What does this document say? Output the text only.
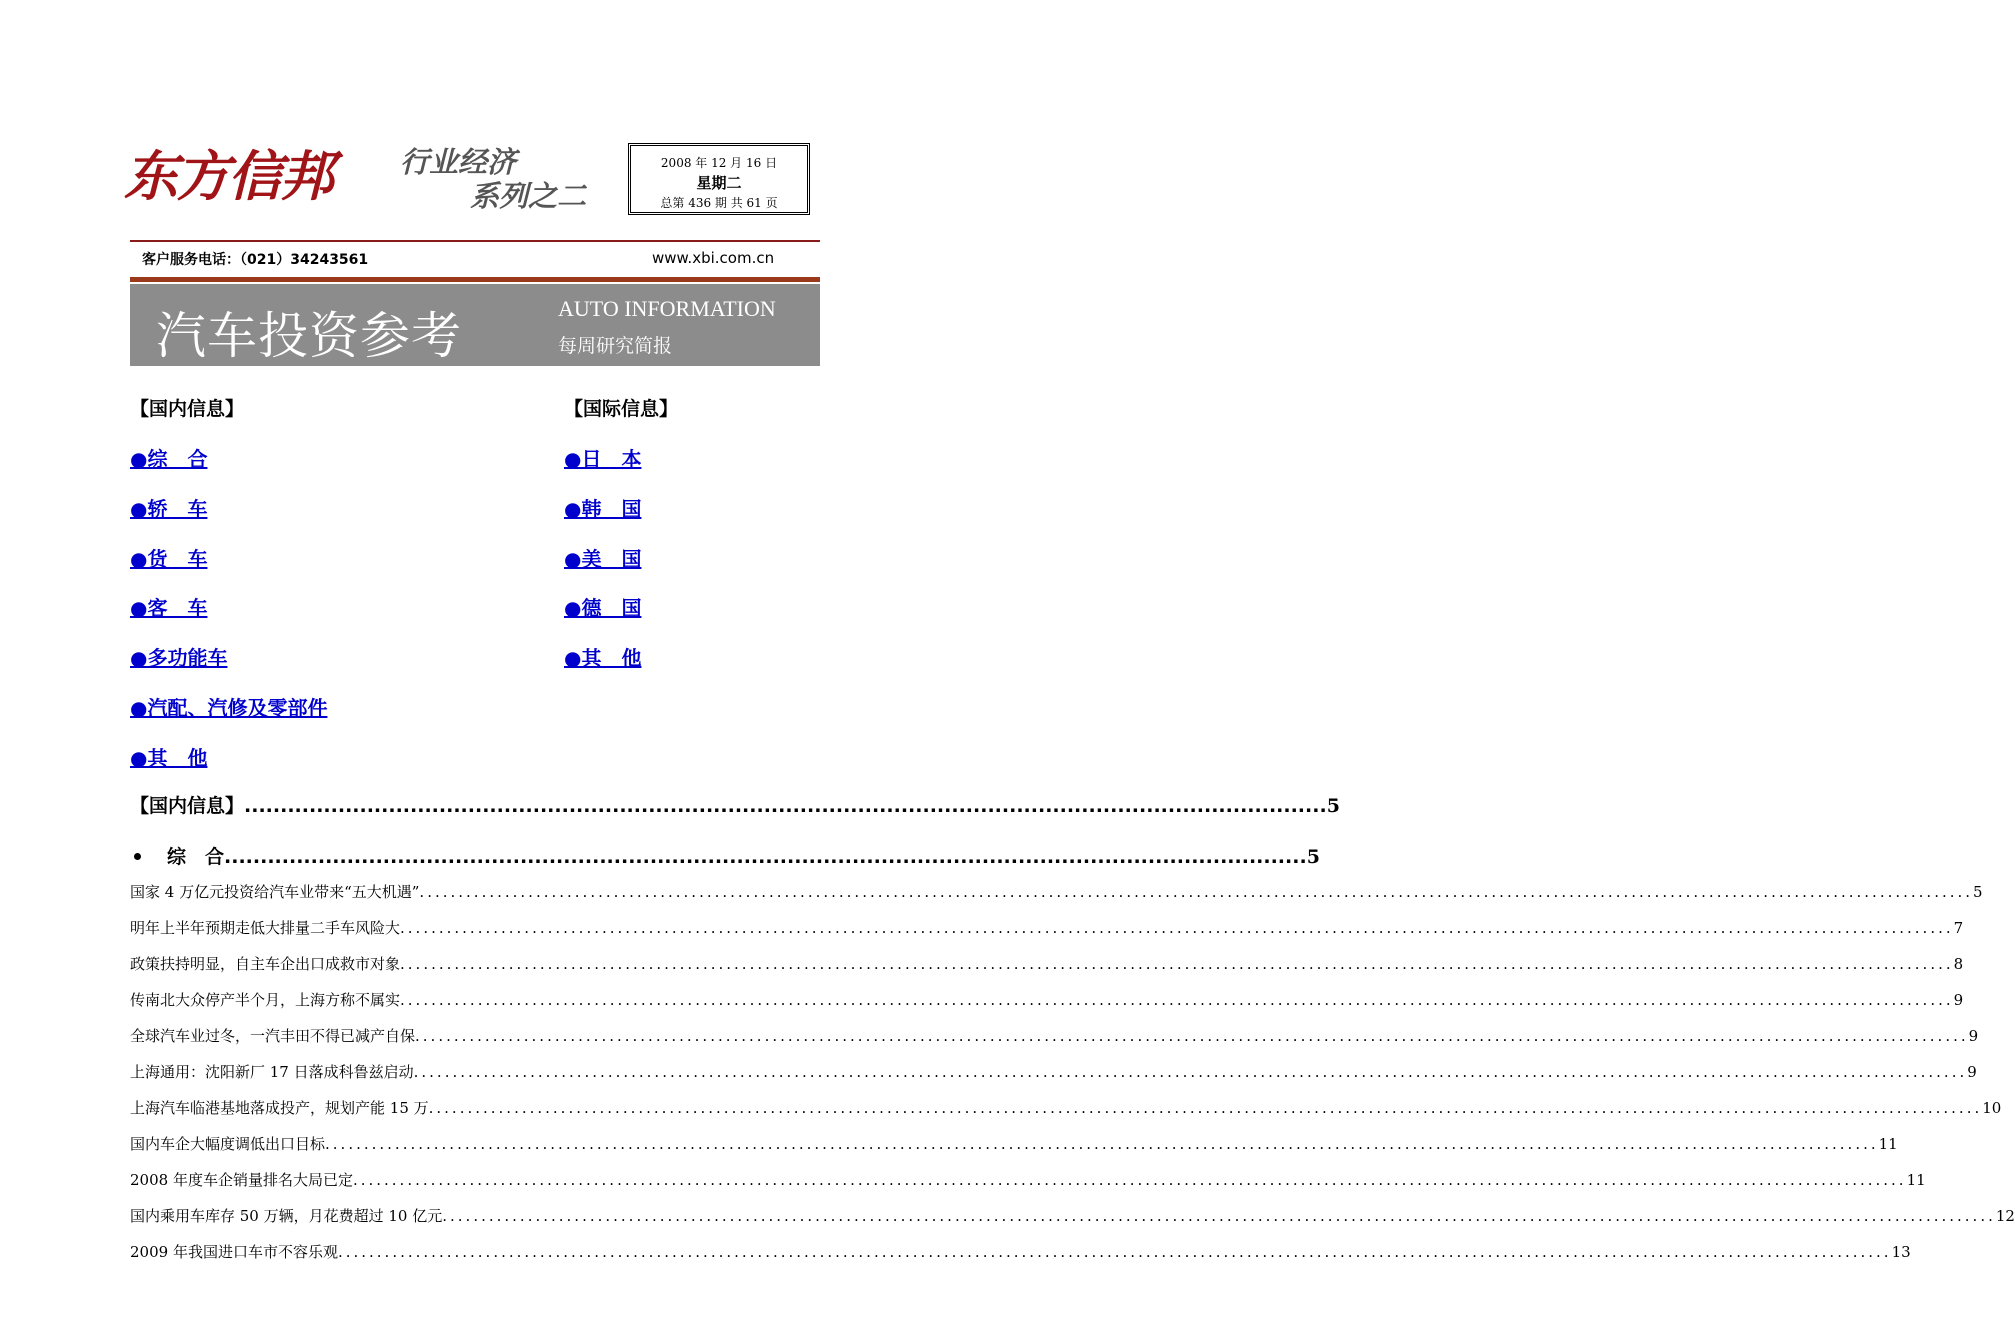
东方信邦 行业经济
系列之二
2008 年 12 月 16 日
星期二
总第 436 期 共 61 页
客户服务电话：（021）34243561	www.xbi.com.cn
汽车投资参考	AUTO INFORMATION
每周研究简报
【国内信息】	【国际信息】
●综　合
●轿　车
●货　车
●客　车
●多功能车
●汽配、汽修及零部件
●其　他
●日　本
●韩　国
●美　国
●德　国
●其　他
【国内信息】 ...................................................................................................................................................... 5
综　合 ...................................................................................................................................................... 5
国家 4 万亿元投资给汽车业带来“五大机遇” ........................................................................................................................................................................................................ 5
明年上半年预期走低大排量二手车风险大 ........................................................................................................................................................................................................ 7
政策扶持明显，自主车企出口成救市对象 ........................................................................................................................................................................................................ 8
传南北大众停产半个月，上海方称不属实 ........................................................................................................................................................................................................ 9
全球汽车业过冬，一汽丰田不得已减产自保 ........................................................................................................................................................................................................ 9
上海通用：沈阳新厂 17 日落成科鲁兹启动 ........................................................................................................................................................................................................ 9
上海汽车临港基地落成投产，规划产能 15 万 ........................................................................................................................................................................................................ 10
国内车企大幅度调低出口目标 ........................................................................................................................................................................................................ 11
2008 年度车企销量排名大局已定 ........................................................................................................................................................................................................ 11
国内乘用车库存 50 万辆，月花费超过 10 亿元 ........................................................................................................................................................................................................ 12
2009 年我国进口车市不容乐观 ........................................................................................................................................................................................................ 13
